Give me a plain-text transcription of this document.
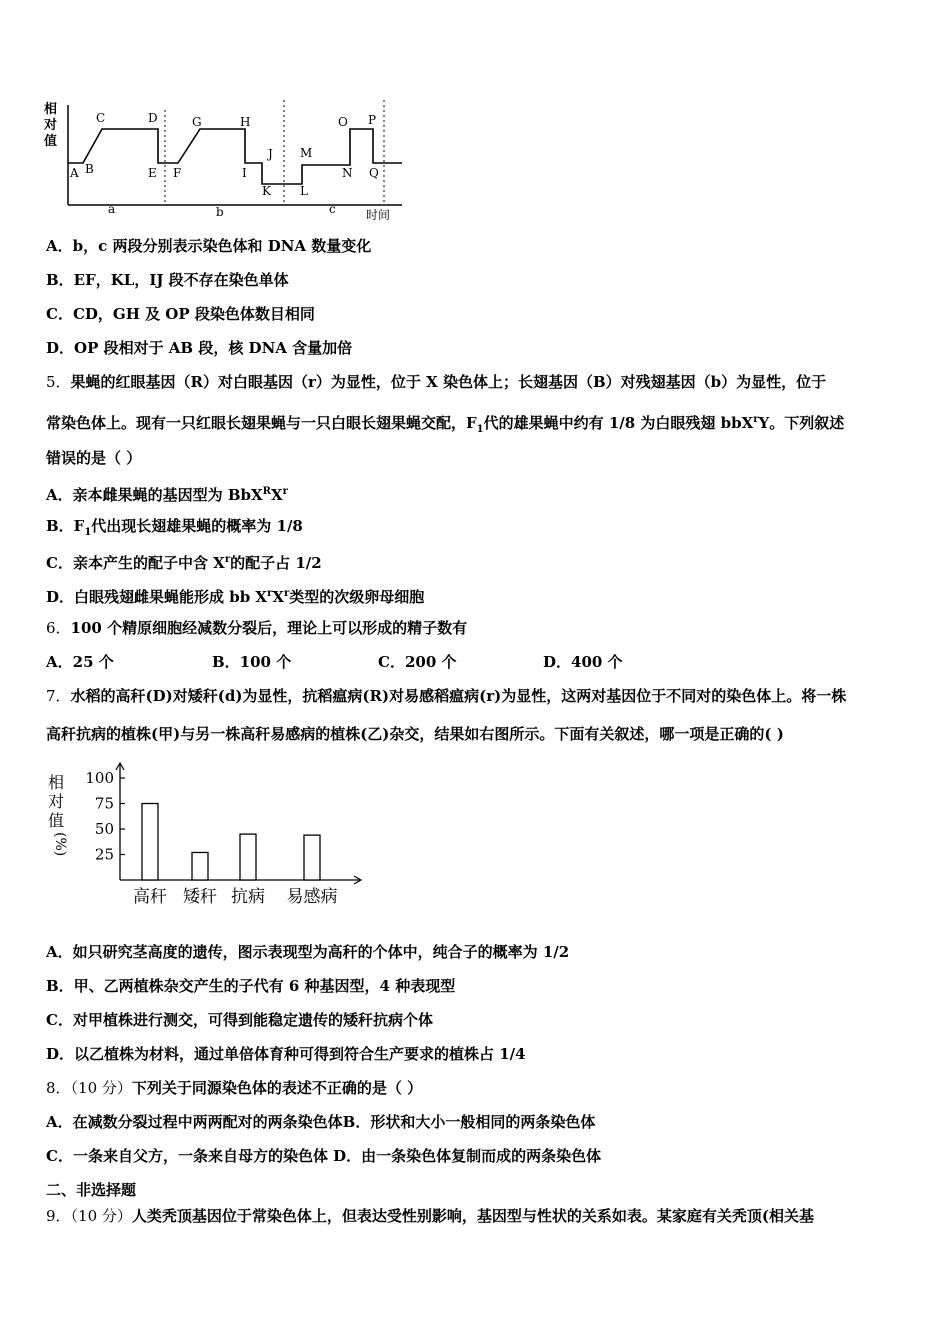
相
对
值
A B
C	D
E F
G	H
I
J
K L
M
O P
N Q
a	b	c	时间
A．b，c 两段分别表示染色体和 DNA 数量变化
B．EF，KL，IJ 段不存在染色单体
C．CD，GH 及 OP 段染色体数目相同
D．OP 段相对于 AB 段，核 DNA 含量加倍
5．果蝇的红眼基因（R）对白眼基因（r）为显性，位于 X 染色体上；长翅基因（B）对残翅基因（b）为显性，位于
常染色体上。现有一只红眼长翅果蝇与一只白眼长翅果蝇交配，$F_1$代的雄果蝇中约有 1/8 为白眼残翅 bbX$^r$Y。下列叙述
错误的是（ ）
A．亲本雌果蝇的基因型为 $BbX^RX^r$
B．$F_1$代出现长翅雄果蝇的概率为 1/8
C．亲本产生的配子中含 $X^r$的配子占 1/2
D．白眼残翅雌果蝇能形成 bb $X^rX^r$类型的次级卵母细胞
6．100 个精原细胞经减数分裂后，理论上可以形成的精子数有
A．25 个	B．100 个	C．200 个	D．400 个
7．水稻的高秆(D)对矮秆(d)为显性，抗稻瘟病(R)对易感稻瘟病(r)为显性，这两对基因位于不同对的染色体上。将一株
高秆抗病的植株(甲)与另一株高秆易感病的植株(乙)杂交，结果如右图所示。下面有关叙述，哪一项是正确的( )
相
对
值
(%)
100
75
50
25
高秆 矮秆 抗病 易感病
A．如只研究茎高度的遗传，图示表现型为高秆的个体中，纯合子的概率为 1/2
B．甲、乙两植株杂交产生的子代有 6 种基因型，4 种表现型
C．对甲植株进行测交，可得到能稳定遗传的矮秆抗病个体
D．以乙植株为材料，通过单倍体育种可得到符合生产要求的植株占 1/4
8．（10 分）下列关于同源染色体的表述不正确的是（ ）
A．在减数分裂过程中两两配对的两条染色体B．形状和大小一般相同的两条染色体
C．一条来自父方，一条来自母方的染色体 D．由一条染色体复制而成的两条染色体
二、非选择题
9．（10 分）人类秃顶基因位于常染色体上，但表达受性别影响，基因型与性状的关系如表。某家庭有关秃顶(相关基
